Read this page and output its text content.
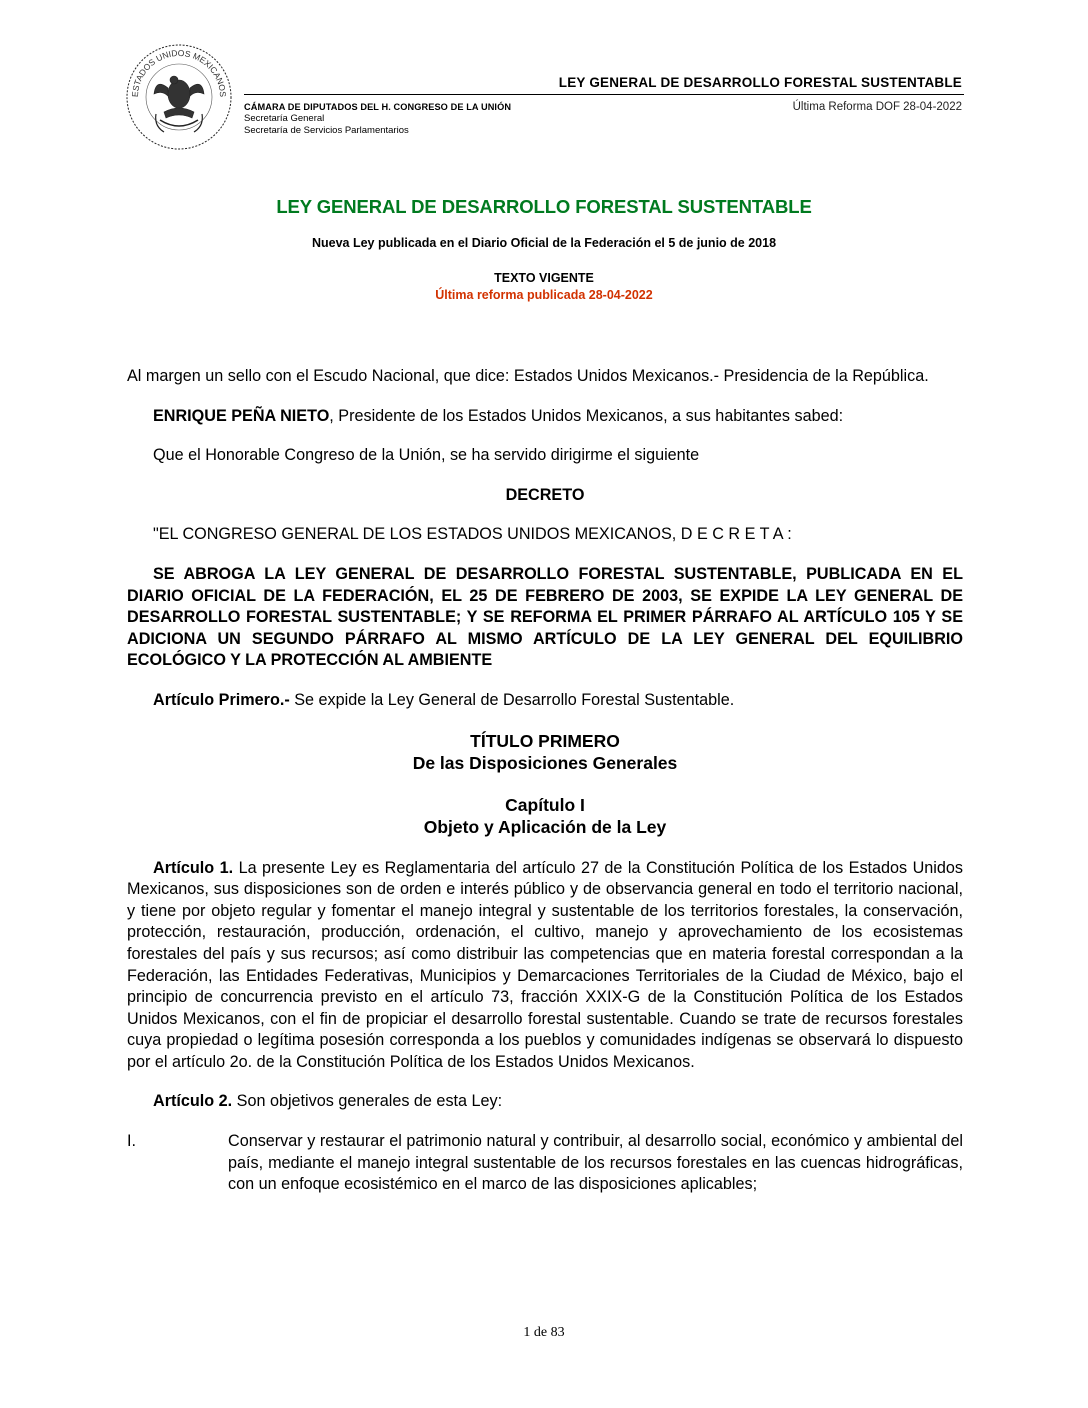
ESTADOS UNIDOS MEXICANOS
LEY GENERAL DE DESARROLLO FORESTAL SUSTENTABLE
CÁMARA DE DIPUTADOS DEL H. CONGRESO DE LA UNIÓN
Secretaría General
Secretaría de Servicios Parlamentarios
Última Reforma DOF 28-04-2022
LEY GENERAL DE DESARROLLO FORESTAL SUSTENTABLE
Nueva Ley publicada en el Diario Oficial de la Federación el 5 de junio de 2018
TEXTO VIGENTE
Última reforma publicada 28-04-2022

Al margen un sello con el Escudo Nacional, que dice: Estados Unidos Mexicanos.- Presidencia de la República.

ENRIQUE PEÑA NIETO, Presidente de los Estados Unidos Mexicanos, a sus habitantes sabed:

Que el Honorable Congreso de la Unión, se ha servido dirigirme el siguiente

DECRETO

"EL CONGRESO GENERAL DE LOS ESTADOS UNIDOS MEXICANOS, D E C R E T A :

SE ABROGA LA LEY GENERAL DE DESARROLLO FORESTAL SUSTENTABLE, PUBLICADA EN EL DIARIO OFICIAL DE LA FEDERACIÓN, EL 25 DE FEBRERO DE 2003, SE EXPIDE LA LEY GENERAL DE DESARROLLO FORESTAL SUSTENTABLE; Y SE REFORMA EL PRIMER PÁRRAFO AL ARTÍCULO 105 Y SE ADICIONA UN SEGUNDO PÁRRAFO AL MISMO ARTÍCULO DE LA LEY GENERAL DEL EQUILIBRIO ECOLÓGICO Y LA PROTECCIÓN AL AMBIENTE

Artículo Primero.- Se expide la Ley General de Desarrollo Forestal Sustentable.

TÍTULO PRIMERO
De las Disposiciones Generales
Capítulo I
Objeto y Aplicación de la Ley

Artículo 1. La presente Ley es Reglamentaria del artículo 27 de la Constitución Política de los Estados Unidos Mexicanos, sus disposiciones son de orden e interés público y de observancia general en todo el territorio nacional, y tiene por objeto regular y fomentar el manejo integral y sustentable de los territorios forestales, la conservación, protección, restauración, producción, ordenación, el cultivo, manejo y aprovechamiento de los ecosistemas forestales del país y sus recursos; así como distribuir las competencias que en materia forestal correspondan a la Federación, las Entidades Federativas, Municipios y Demarcaciones Territoriales de la Ciudad de México, bajo el principio de concurrencia previsto en el artículo 73, fracción XXIX-G de la Constitución Política de los Estados Unidos Mexicanos, con el fin de propiciar el desarrollo forestal sustentable. Cuando se trate de recursos forestales cuya propiedad o legítima posesión corresponda a los pueblos y comunidades indígenas se observará lo dispuesto por el artículo 2o. de la Constitución Política de los Estados Unidos Mexicanos.

Artículo 2. Son objetivos generales de esta Ley:

I.	Conservar y restaurar el patrimonio natural y contribuir, al desarrollo social, económico y ambiental del país, mediante el manejo integral sustentable de los recursos forestales en las cuencas hidrográficas, con un enfoque ecosistémico en el marco de las disposiciones aplicables;
1 de 83
